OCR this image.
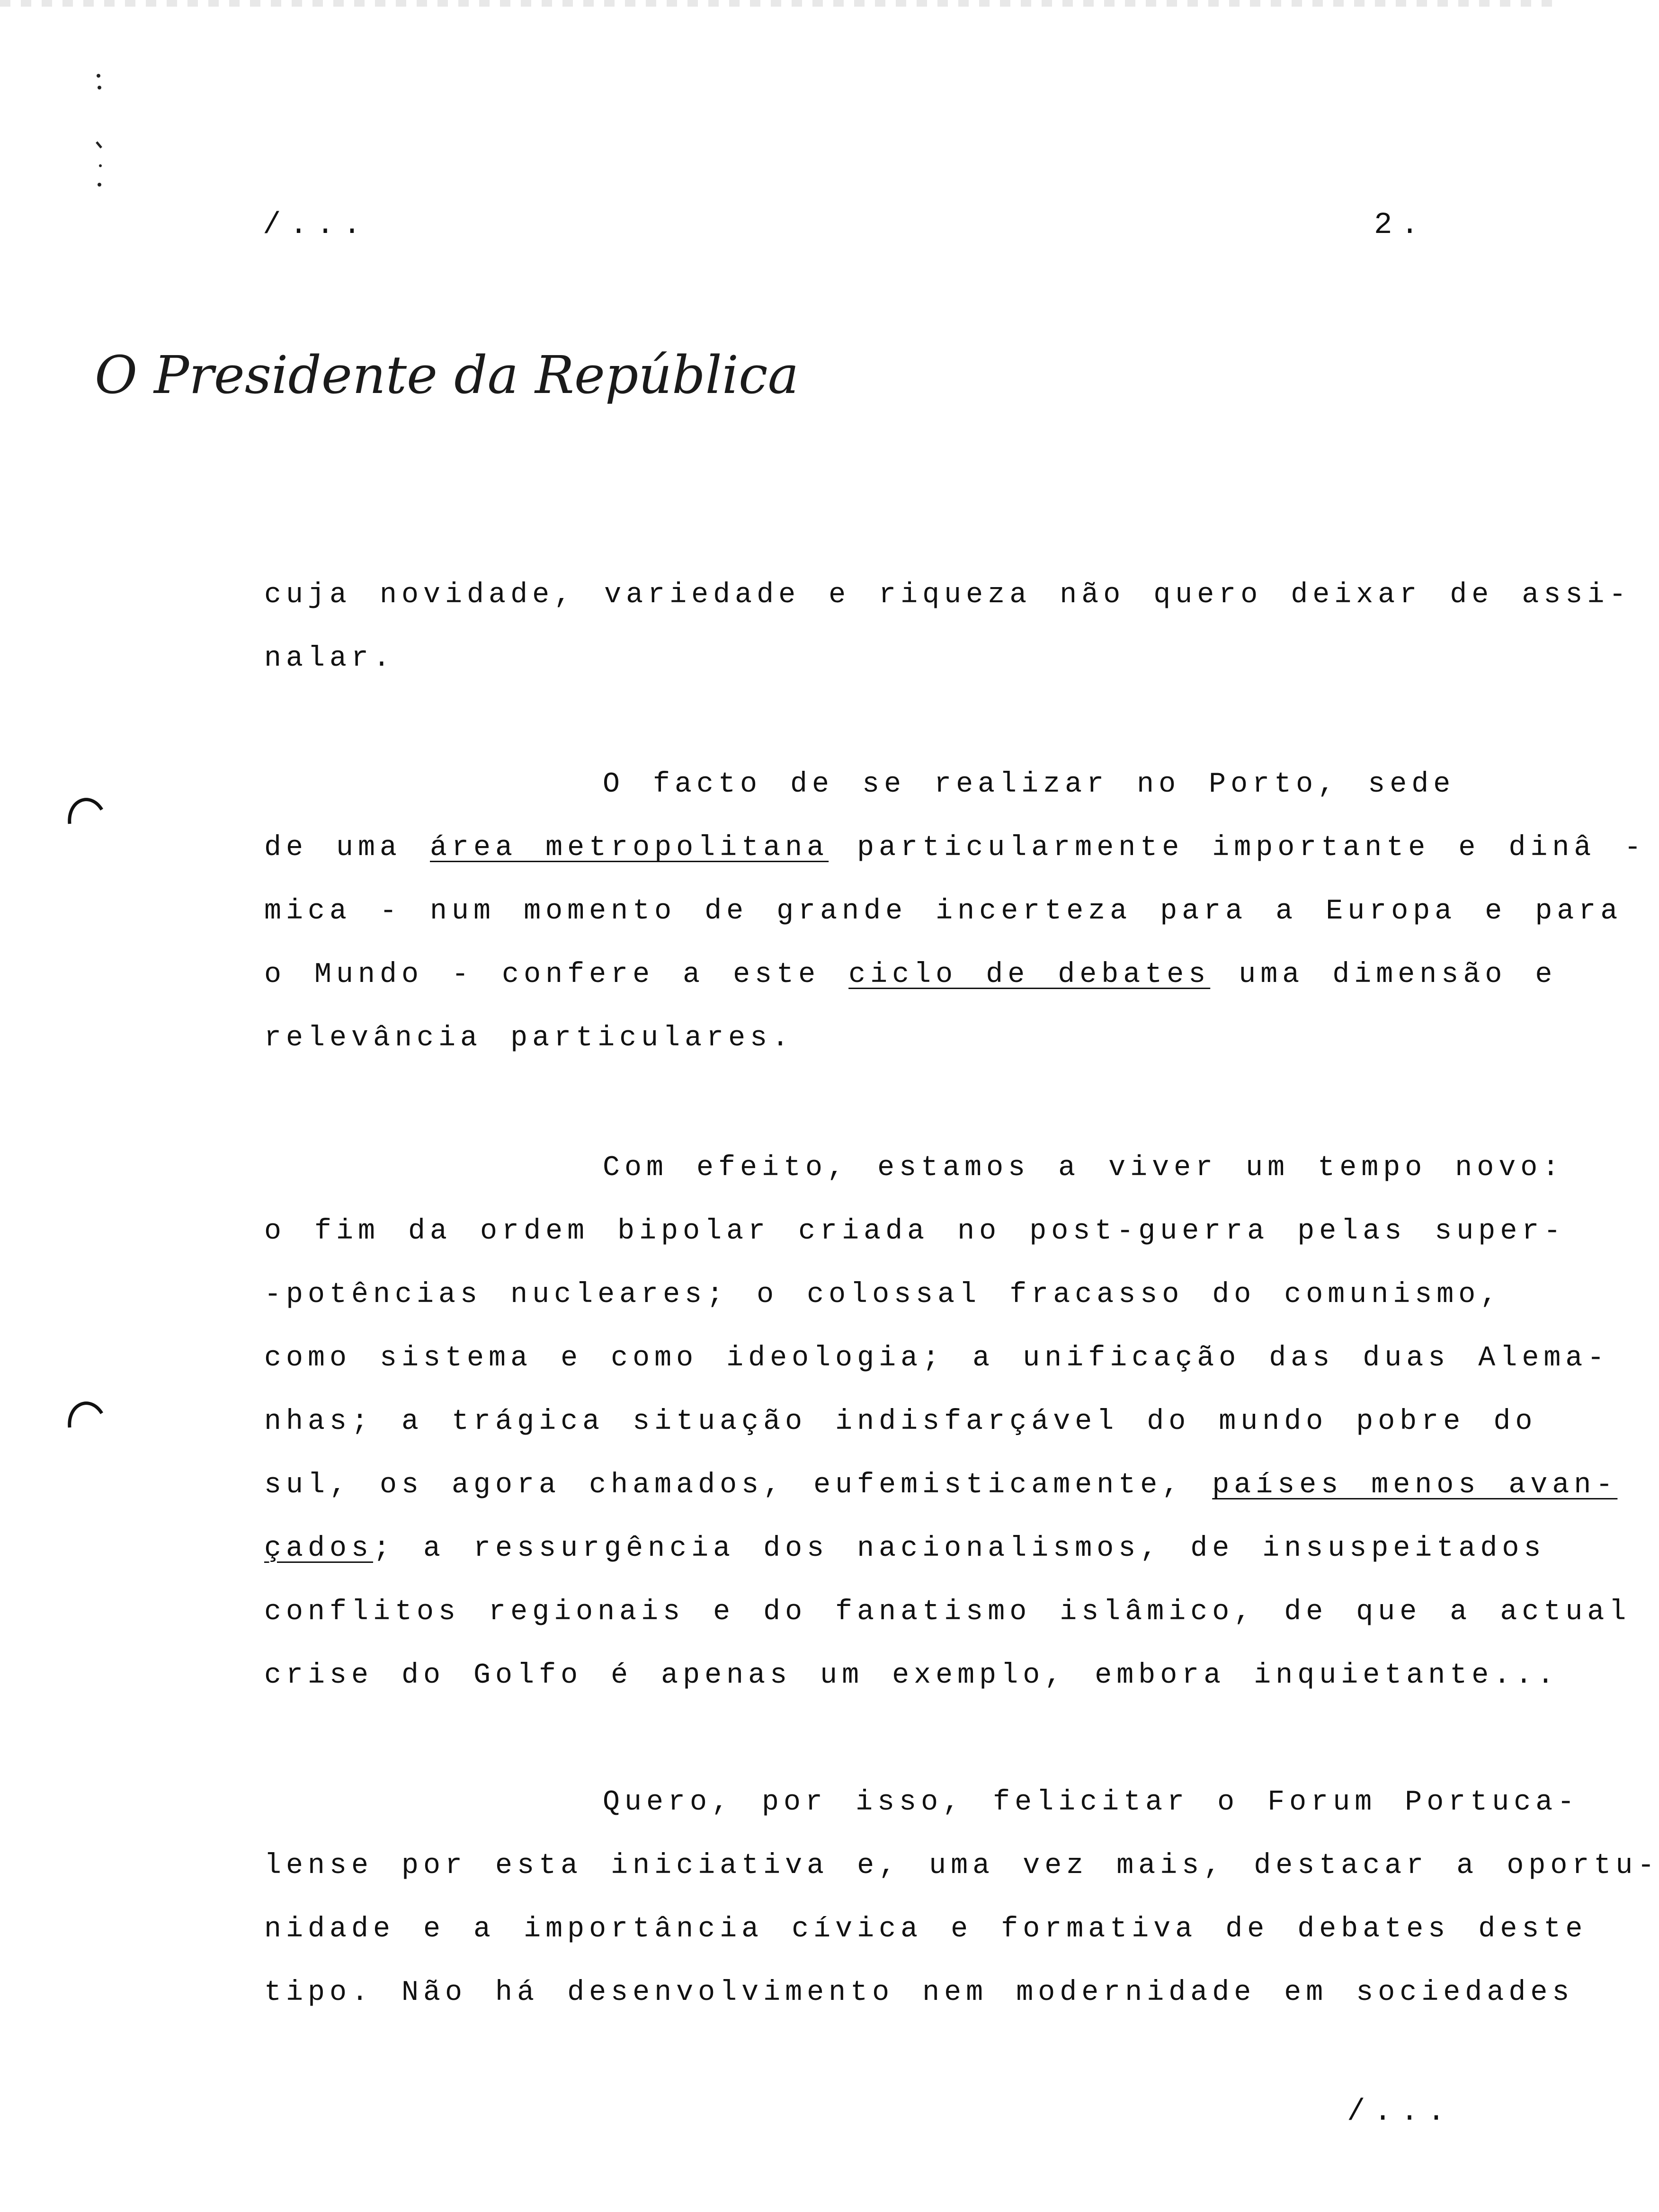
/...	2.
O Presidente da República
cuja novidade, variedade e riqueza não quero deixar de assi-
nalar.
O facto de se realizar no Porto, sede
de uma área metropolitana particularmente importante e dinâ -
mica - num momento de grande incerteza para a Europa e para
o Mundo - confere a este ciclo de debates uma dimensão e
relevância particulares.
Com efeito, estamos a viver um tempo novo:
o fim da ordem bipolar criada no post-guerra pelas super-
-potências nucleares; o colossal fracasso do comunismo,
como sistema e como ideologia; a unificação das duas Alema-
nhas; a trágica situação indisfarçável do mundo pobre do
sul, os agora chamados, eufemisticamente, países menos avan-
çados; a ressurgência dos nacionalismos, de insuspeitados
conflitos regionais e do fanatismo islâmico, de que a actual
crise do Golfo é apenas um exemplo, embora inquietante...
Quero, por isso, felicitar o Forum Portuca-
lense por esta iniciativa e, uma vez mais, destacar a oportu-
nidade e a importância cívica e formativa de debates deste
tipo. Não há desenvolvimento nem modernidade em sociedades
/...
